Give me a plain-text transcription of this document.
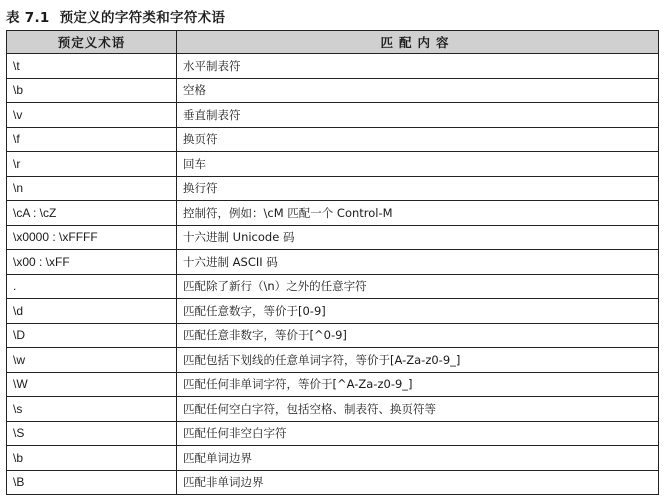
表 7.1 预定义的字符类和字符术语
预定义术语	匹配内容
\t	水平制表符
\b	空格
\v	垂直制表符
\f	换页符
\r	回车
\n	换行符
\cA : \cZ	控制符，例如：\cM 匹配一个 Control-M
\x0000 : \xFFFF	十六进制 Unicode 码
\x00 : \xFF	十六进制 ASCII 码
.	匹配除了新行（\n）之外的任意字符
\d	匹配任意数字，等价于[0-9]
\D	匹配任意非数字，等价于[^0-9]
\w	匹配包括下划线的任意单词字符，等价于[A-Za-z0-9_]
\W	匹配任何非单词字符，等价于[^A-Za-z0-9_]
\s	匹配任何空白字符，包括空格、制表符、换页符等
\S	匹配任何非空白字符
\b	匹配单词边界
\B	匹配非单词边界
